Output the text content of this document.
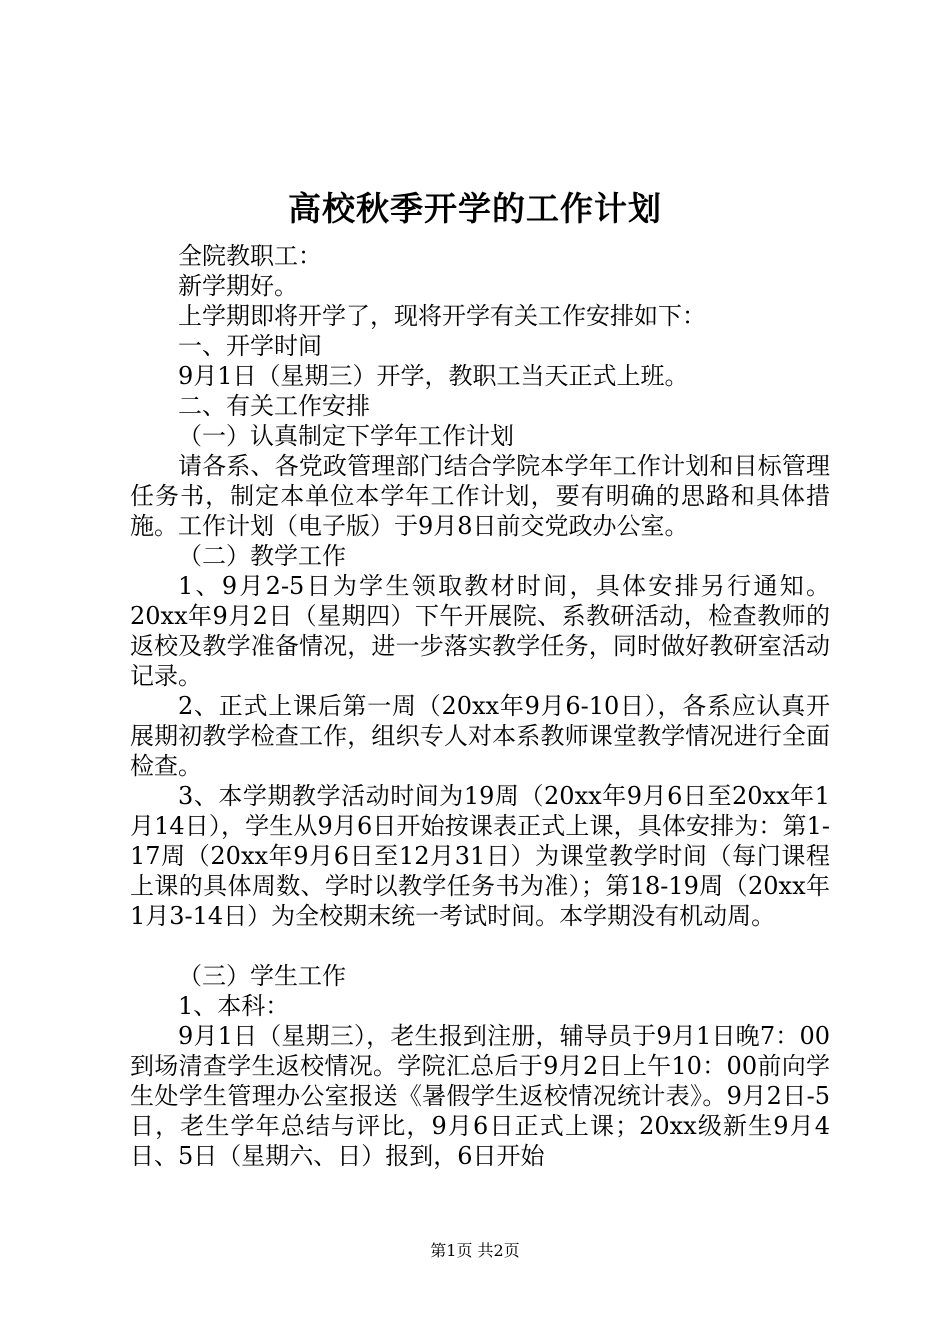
高校秋季开学的工作计划
全院教职工：
新学期好。
上学期即将开学了，现将开学有关工作安排如下：
一、开学时间
9月1日（星期三）开学，教职工当天正式上班。
二、有关工作安排
（一）认真制定下学年工作计划
请各系、各党政管理部门结合学院本学年工作计划和目标管理任务书，制定本单位本学年工作计划，要有明确的思路和具体措施。工作计划（电子版）于9月8日前交党政办公室。
（二）教学工作
1、9月2-5日为学生领取教材时间，具体安排另行通知。20xx年9月2日（星期四）下午开展院、系教研活动，检查教师的返校及教学准备情况，进一步落实教学任务，同时做好教研室活动记录。
2、正式上课后第一周（20xx年9月6-10日），各系应认真开展期初教学检查工作，组织专人对本系教师课堂教学情况进行全面检查。
3、本学期教学活动时间为19周（20xx年9月6日至20xx年1月14日），学生从9月6日开始按课表正式上课，具体安排为：第1-17周（20xx年9月6日至12月31日）为课堂教学时间（每门课程上课的具体周数、学时以教学任务书为准）；第18-19周（20xx年1月3-14日）为全校期末统一考试时间。本学期没有机动周。
（三）学生工作
1、本科：
9月1日（星期三），老生报到注册，辅导员于9月1日晚7：00到场清查学生返校情况。学院汇总后于9月2日上午10：00前向学生处学生管理办公室报送《暑假学生返校情况统计表》。9月2日-5日，老生学年总结与评比，9月6日正式上课；20xx级新生9月4日、5日（星期六、日）报到，6日开始
第1页 共2页
